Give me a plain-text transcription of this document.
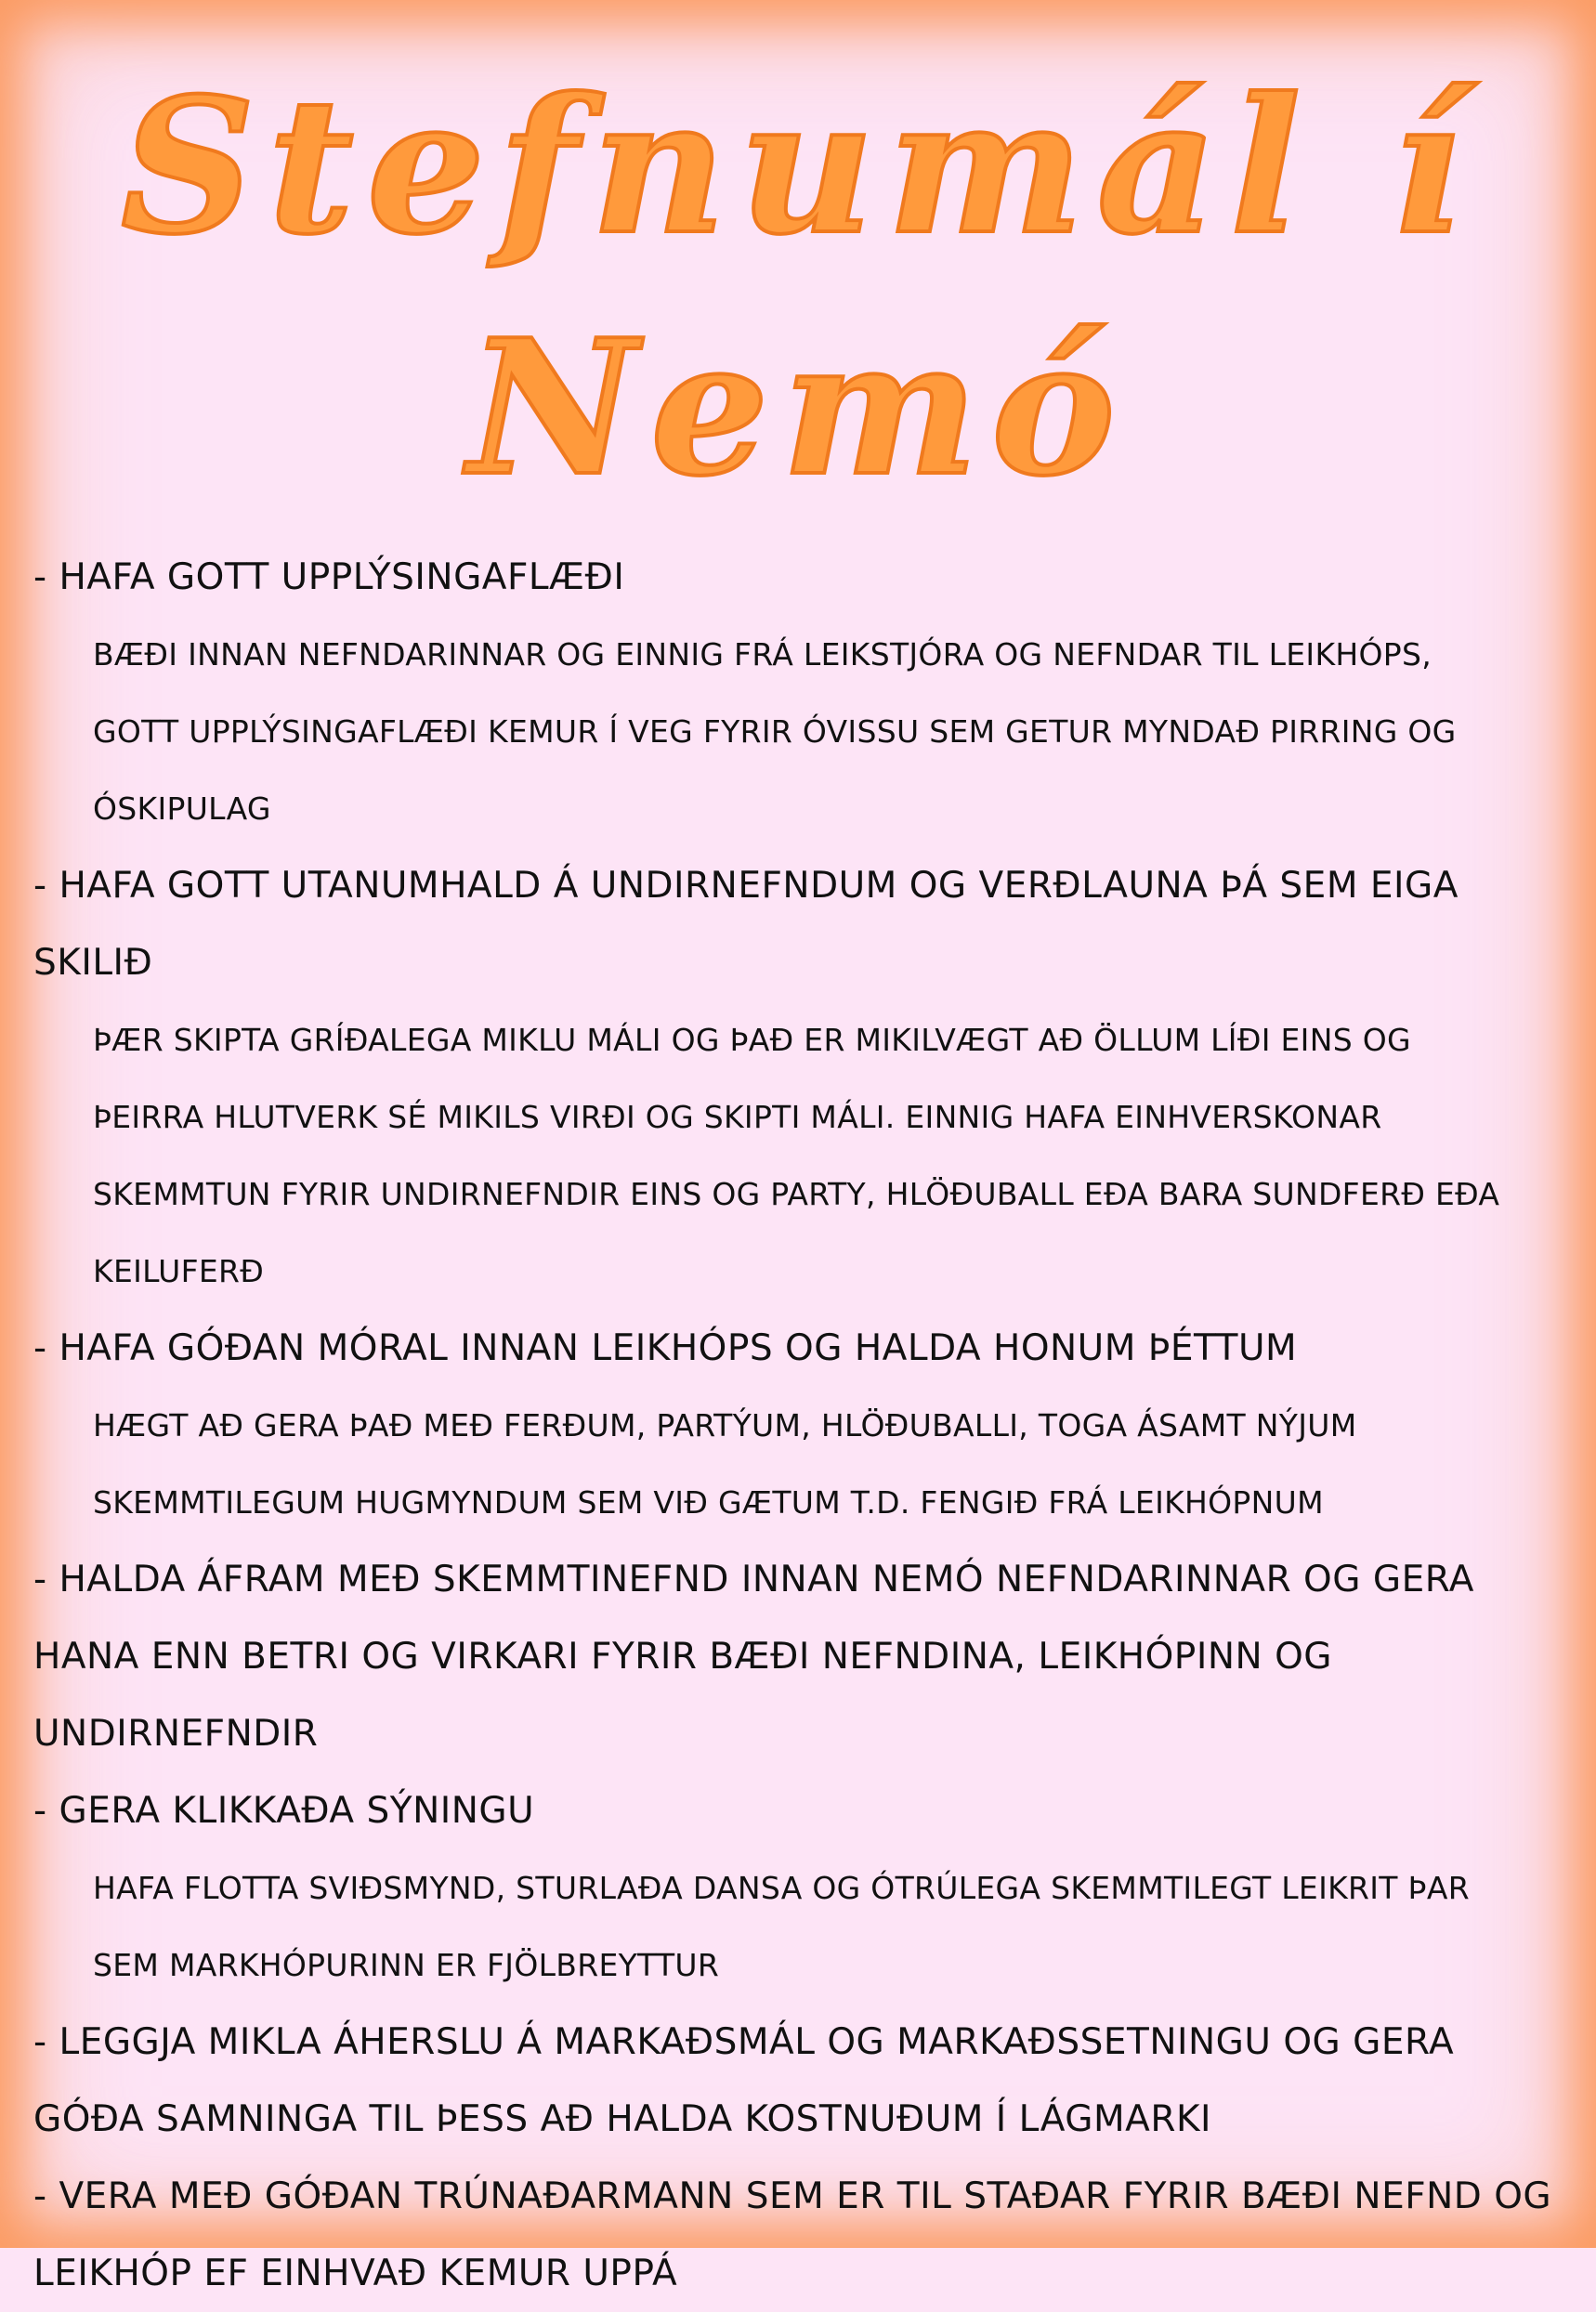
Stefnumál í
Nemó

- HAFA GOTT UPPLÝSINGAFLÆÐI

BÆÐI INNAN NEFNDARINNAR OG EINNIG FRÁ LEIKSTJÓRA OG NEFNDAR TIL LEIKHÓPS,

GOTT UPPLÝSINGAFLÆÐI KEMUR Í VEG FYRIR ÓVISSU SEM GETUR MYNDAÐ PIRRING OG

ÓSKIPULAG

- HAFA GOTT UTANUMHALD Á UNDIRNEFNDUM OG VERÐLAUNA ÞÁ SEM EIGA SKILIÐ

ÞÆR SKIPTA GRÍÐALEGA MIKLU MÁLI OG ÞAÐ ER MIKILVÆGT AÐ ÖLLUM LÍÐI EINS OG

ÞEIRRA HLUTVERK SÉ MIKILS VIRÐI OG SKIPTI MÁLI. EINNIG HAFA EINHVERSKONAR

SKEMMTUN FYRIR UNDIRNEFNDIR EINS OG PARTY, HLÖÐUBALL EÐA BARA SUNDFERÐ EÐA

KEILUFERÐ

- HAFA GÓÐAN MÓRAL INNAN LEIKHÓPS OG HALDA HONUM ÞÉTTUM

HÆGT AÐ GERA ÞAÐ MEÐ FERÐUM, PARTÝUM, HLÖÐUBALLI, TOGA ÁSAMT NÝJUM

SKEMMTILEGUM HUGMYNDUM SEM VIÐ GÆTUM T.D. FENGIÐ FRÁ LEIKHÓPNUM

- HALDA ÁFRAM MEÐ SKEMMTINEFND INNAN NEMÓ NEFNDARINNAR OG GERA HANA ENN BETRI OG VIRKARI FYRIR BÆÐI NEFNDINA, LEIKHÓPINN OG UNDIRNEFNDIR

- GERA KLIKKAÐA SÝNINGU

HAFA FLOTTA SVIÐSMYND, STURLAÐA DANSA OG ÓTRÚLEGA SKEMMTILEGT LEIKRIT ÞAR

SEM MARKHÓPURINN ER FJÖLBREYTTUR

- LEGGJA MIKLA ÁHERSLU Á MARKAÐSMÁL OG MARKAÐSSETNINGU OG GERA GÓÐA SAMNINGA TIL ÞESS AÐ HALDA KOSTNUÐUM Í LÁGMARKI

- VERA MEÐ GÓÐAN TRÚNAÐARMANN SEM ER TIL STAÐAR FYRIR BÆÐI NEFND OG LEIKHÓP EF EINHVAÐ KEMUR UPPÁ
